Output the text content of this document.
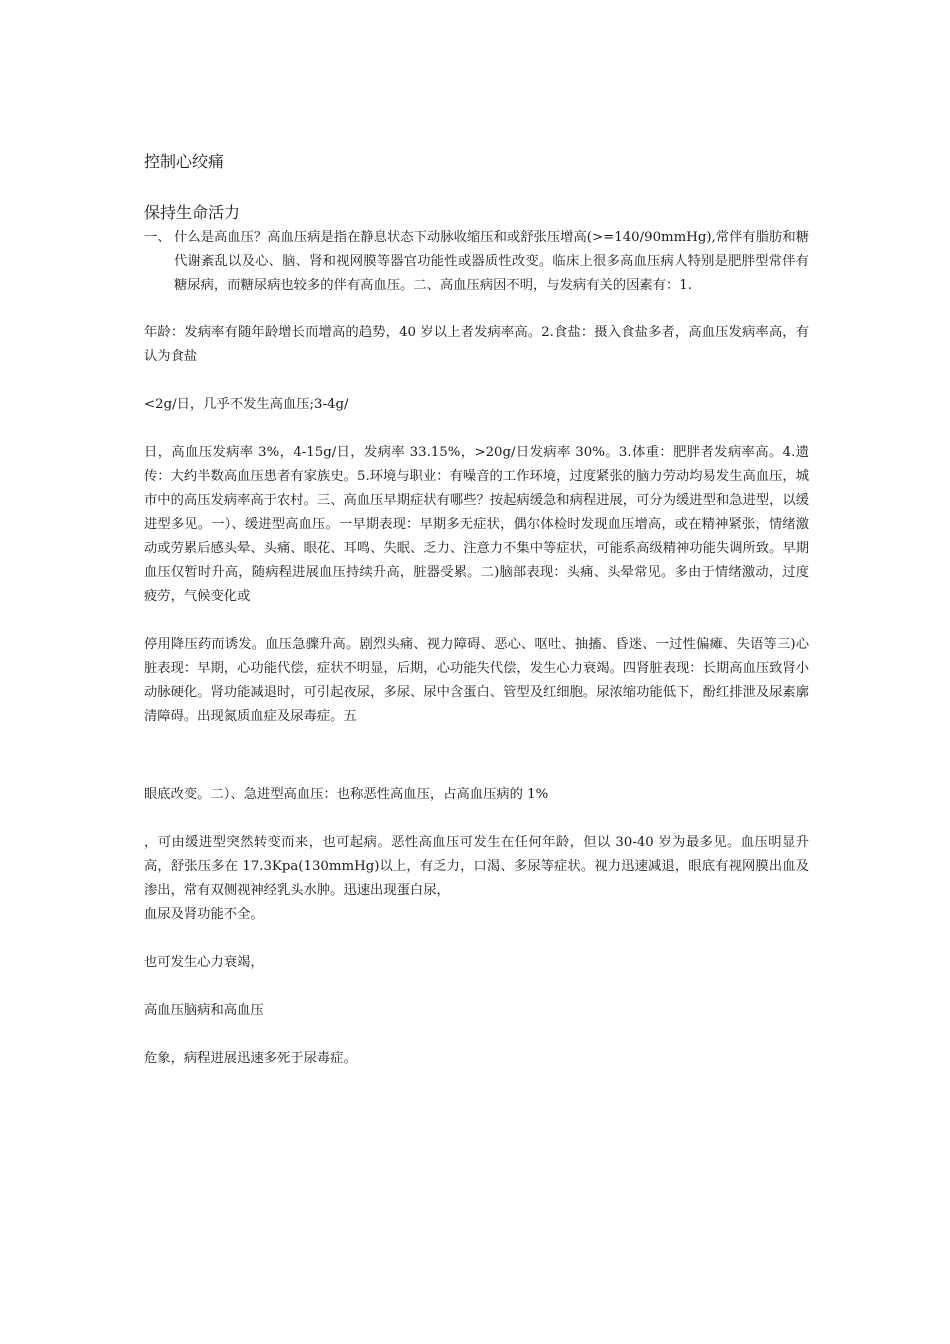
控制心绞痛
保持生命活力

一、 什么是高血压？高血压病是指在静息状态下动脉收缩压和或舒张压增高(>=140/90mmHg),常伴有脂肪和糖代谢紊乱以及心、脑、肾和视网膜等器官功能性或器质性改变。临床上很多高血压病人特别是肥胖型常伴有糖尿病，而糖尿病也较多的伴有高血压。二、高血压病因不明，与发病有关的因素有：1.

年龄：发病率有随年龄增长而增高的趋势，40 岁以上者发病率高。2.食盐：摄入食盐多者，高血压发病率高，有认为食盐

<2g/日，几乎不发生高血压;3-4g/

日，高血压发病率 3%，4-15g/日，发病率 33.15%，>20g/日发病率 30%。3.体重：肥胖者发病率高。4.遗传：大约半数高血压患者有家族史。5.环境与职业：有噪音的工作环境，过度紧张的脑力劳动均易发生高血压，城市中的高压发病率高于农村。三、高血压早期症状有哪些？按起病缓急和病程进展，可分为缓进型和急进型，以缓进型多见。一）、缓进型高血压。一早期表现：早期多无症状，偶尔体检时发现血压增高，或在精神紧张，情绪激动或劳累后感头晕、头痛、眼花、耳鸣、失眠、乏力、注意力不集中等症状，可能系高级精神功能失调所致。早期血压仅暂时升高，随病程进展血压持续升高，脏器受累。二)脑部表现：头痛、头晕常见。多由于情绪激动，过度疲劳，气候变化或

停用降压药而诱发。血压急骤升高。剧烈头痛、视力障碍、恶心、呕吐、抽搐、昏迷、一过性偏瘫、失语等三)心脏表现：早期，心功能代偿，症状不明显，后期，心功能失代偿，发生心力衰竭。四肾脏表现：长期高血压致肾小动脉硬化。肾功能减退时，可引起夜尿，多尿、尿中含蛋白、管型及红细胞。尿浓缩功能低下，酚红排泄及尿素廓清障碍。出现氮质血症及尿毒症。五

眼底改变。二）、急进型高血压：也称恶性高血压，占高血压病的 1%

，可由缓进型突然转变而来，也可起病。恶性高血压可发生在任何年龄，但以 30-40 岁为最多见。血压明显升高，舒张压多在 17.3Kpa(130mmHg)以上，有乏力，口渴、多尿等症状。视力迅速减退，眼底有视网膜出血及渗出，常有双侧视神经乳头水肿。迅速出现蛋白尿，

血尿及肾功能不全。

也可发生心力衰竭，

高血压脑病和高血压

危象，病程进展迅速多死于尿毒症。
